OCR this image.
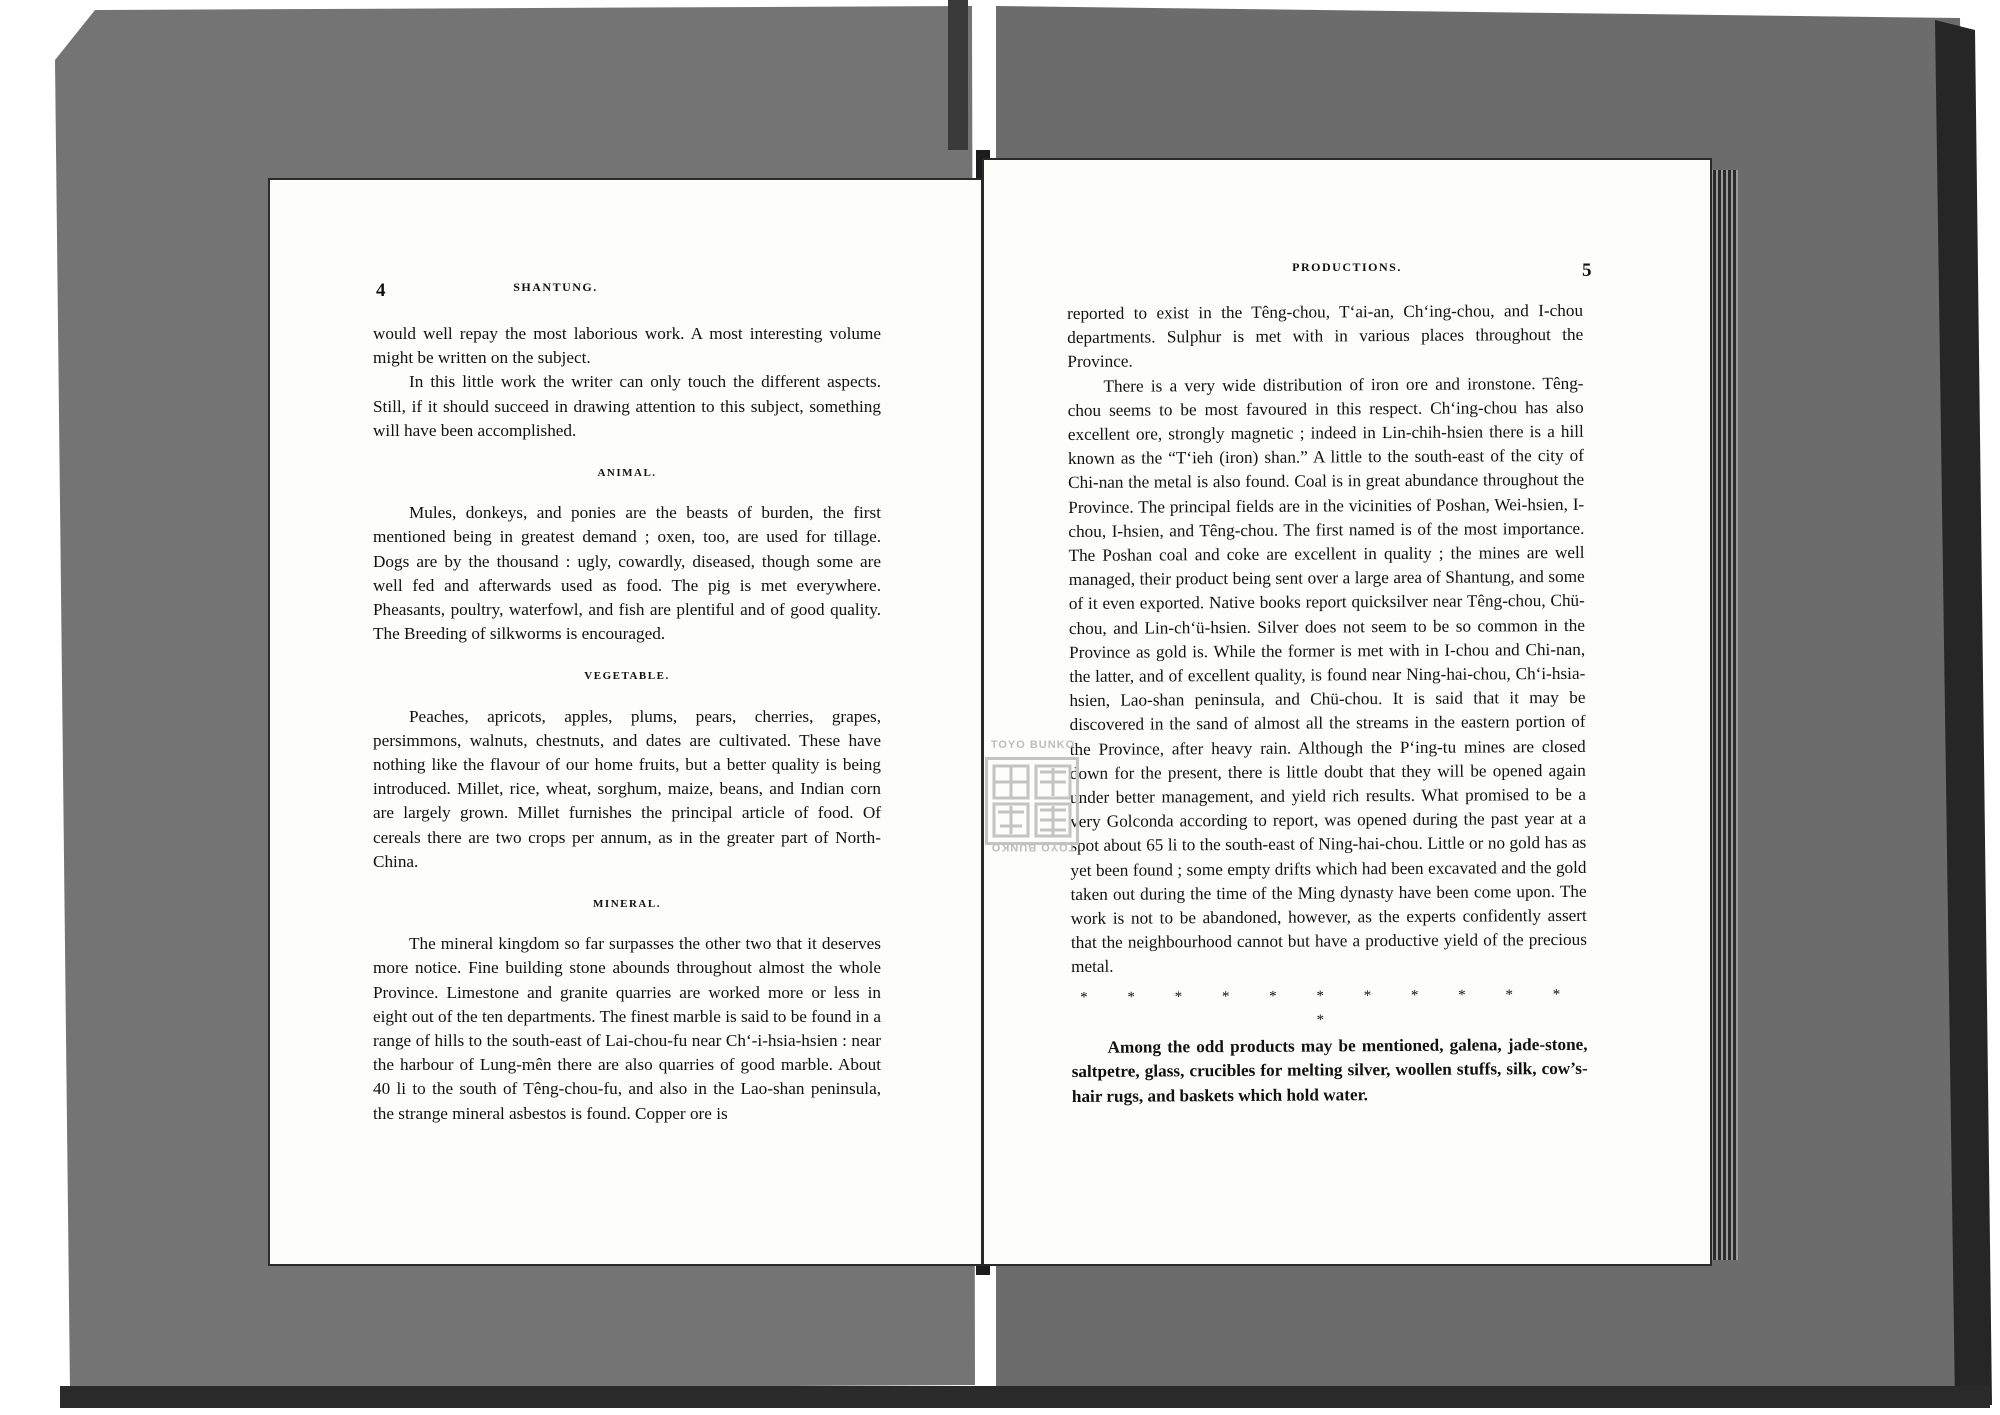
4	SHANTUNG.

would well repay the most laborious work. A most interesting volume might be written on the subject.

In this little work the writer can only touch the different aspects. Still, if it should succeed in drawing attention to this subject, something will have been accomplished.

ANIMAL.

Mules, donkeys, and ponies are the beasts of burden, the first mentioned being in greatest demand ; oxen, too, are used for tillage. Dogs are by the thousand : ugly, cowardly, diseased, though some are well fed and afterwards used as food. The pig is met everywhere. Pheasants, poultry, waterfowl, and fish are plentiful and of good quality. The Breeding of silkworms is encouraged.

VEGETABLE.

Peaches, apricots, apples, plums, pears, cherries, grapes, persimmons, walnuts, chestnuts, and dates are cultivated. These have nothing like the flavour of our home fruits, but a better quality is being introduced. Millet, rice, wheat, sorghum, maize, beans, and Indian corn are largely grown. Millet furnishes the principal article of food. Of cereals there are two crops per annum, as in the greater part of North-China.

MINERAL.

The mineral kingdom so far surpasses the other two that it deserves more notice. Fine building stone abounds throughout almost the whole Province. Limestone and granite quarries are worked more or less in eight out of the ten departments. The finest marble is said to be found in a range of hills to the south-east of Lai-chou-fu near Ch‘-i-hsia-hsien : near the harbour of Lung-mên there are also quarries of good marble. About 40 li to the south of Têng-chou-fu, and also in the Lao-shan peninsula, the strange mineral asbestos is found. Copper ore is

PRODUCTIONS.	5

reported to exist in the Têng-chou, T‘ai-an, Ch‘ing-chou, and I-chou departments. Sulphur is met with in various places throughout the Province.

There is a very wide distribution of iron ore and ironstone. Têng-chou seems to be most favoured in this respect. Ch‘ing-chou has also excellent ore, strongly magnetic ; indeed in Lin-chih-hsien there is a hill known as the “T‘ieh (iron) shan.” A little to the south-east of the city of Chi-nan the metal is also found. Coal is in great abundance throughout the Province. The principal fields are in the vicinities of Poshan, Wei-hsien, I-chou, I-hsien, and Têng-chou. The first named is of the most importance. The Poshan coal and coke are excellent in quality ; the mines are well managed, their product being sent over a large area of Shantung, and some of it even exported. Native books report quicksilver near Têng-chou, Chü-chou, and Lin-ch‘ü-hsien. Silver does not seem to be so common in the Province as gold is. While the former is met with in I-chou and Chi-nan, the latter, and of excellent quality, is found near Ning-hai-chou, Ch‘i-hsia-hsien, Lao-shan peninsula, and Chü-chou. It is said that it may be discovered in the sand of almost all the streams in the eastern portion of the Province, after heavy rain. Although the P‘ing-tu mines are closed down for the present, there is little doubt that they will be opened again under better management, and yield rich results. What promised to be a very Golconda according to report, was opened during the past year at a spot about 65 li to the south-east of Ning-hai-chou. Little or no gold has as yet been found ; some empty drifts which had been excavated and the gold taken out during the time of the Ming dynasty have been come upon. The work is not to be abandoned, however, as the experts confidently assert that the neighbourhood cannot but have a productive yield of the precious metal.

* * * * * * * * * * * *

Among the odd products may be mentioned, galena, jade-stone, saltpetre, glass, crucibles for melting silver, woollen stuffs, silk, cow’s-hair rugs, and baskets which hold water.

TOYO BUNKO
TOYO BUNKO
